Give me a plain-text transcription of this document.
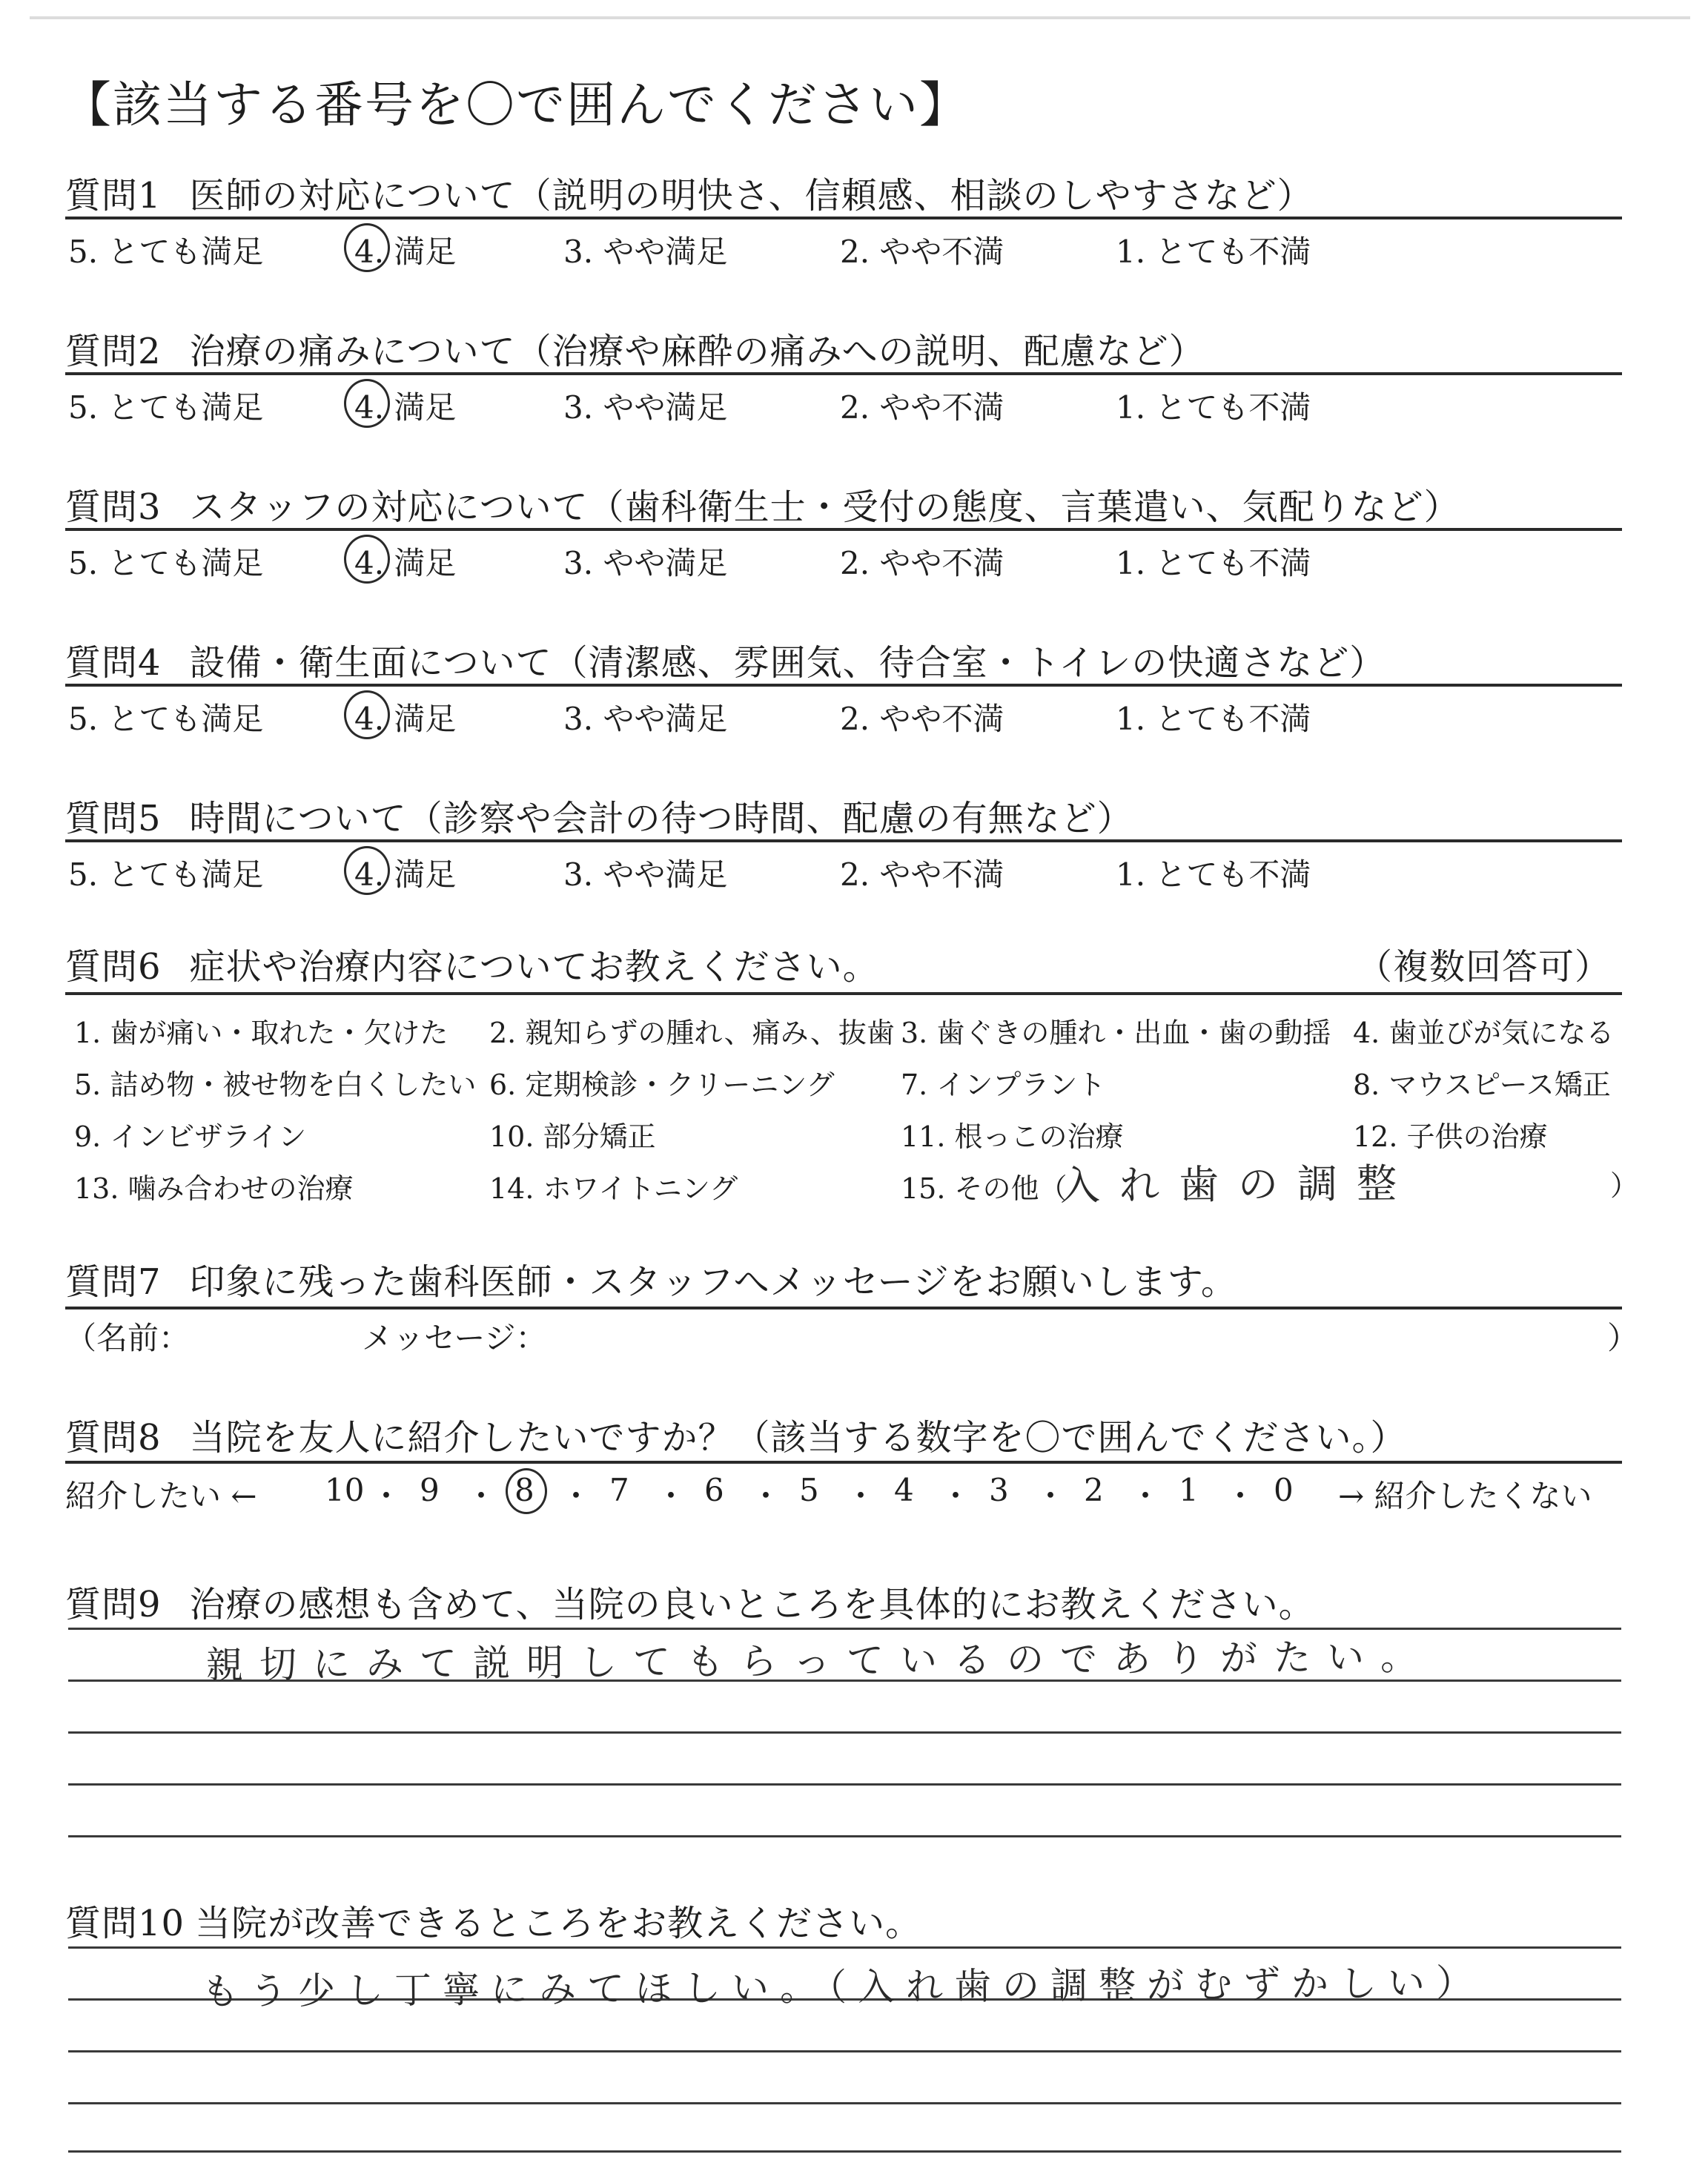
【該当する番号を〇で囲んでください】
質問1 医師の対応について（説明の明快さ、信頼感、相談のしやすさなど）
5. とても満足	4. 満足	3. やや満足	2. やや不満	1. とても不満
質問2 治療の痛みについて（治療や麻酔の痛みへの説明、配慮など）
5. とても満足	4. 満足	3. やや満足	2. やや不満	1. とても不満
質問3 スタッフの対応について（歯科衛生士・受付の態度、言葉遣い、気配りなど）
5. とても満足	4. 満足	3. やや満足	2. やや不満	1. とても不満
質問4 設備・衛生面について（清潔感、雰囲気、待合室・トイレの快適さなど）
5. とても満足	4. 満足	3. やや満足	2. やや不満	1. とても不満
質問5 時間について（診察や会計の待つ時間、配慮の有無など）
5. とても満足	4. 満足	3. やや満足	2. やや不満	1. とても不満
質問6 症状や治療内容についてお教えください。	（複数回答可）
1. 歯が痛い・取れた・欠けた 2. 親知らずの腫れ、痛み、抜歯 3. 歯ぐきの腫れ・出血・歯の動揺 4. 歯並びが気になる
5. 詰め物・被せ物を白くしたい 6. 定期検診・クリーニング 7. インプラント	8. マウスピース矯正
9. インビザライン	10. 部分矯正	11. 根っこの治療	12. 子供の治療
13. 噛み合わせの治療	14. ホワイトニング	15. その他（	）
入れ歯の調整
質問7 印象に残った歯科医師・スタッフへメッセージをお願いします。
（名前：	メッセージ：	）
質問8 当院を友人に紹介したいですか？（該当する数字を〇で囲んでください。）
紹介したい ← 10 ・ 9 ・ 8 ・ 7 ・ 6 ・ 5 ・ 4 ・ 3 ・ 2 ・ 1 ・ 0 → 紹介したくない
質問9 治療の感想も含めて、当院の良いところを具体的にお教えください。
親切にみて説明してもらっているのでありがたい。
質問10 当院が改善できるところをお教えください。
もう少し丁寧にみてほしい。（入れ歯の調整がむずかしい）
